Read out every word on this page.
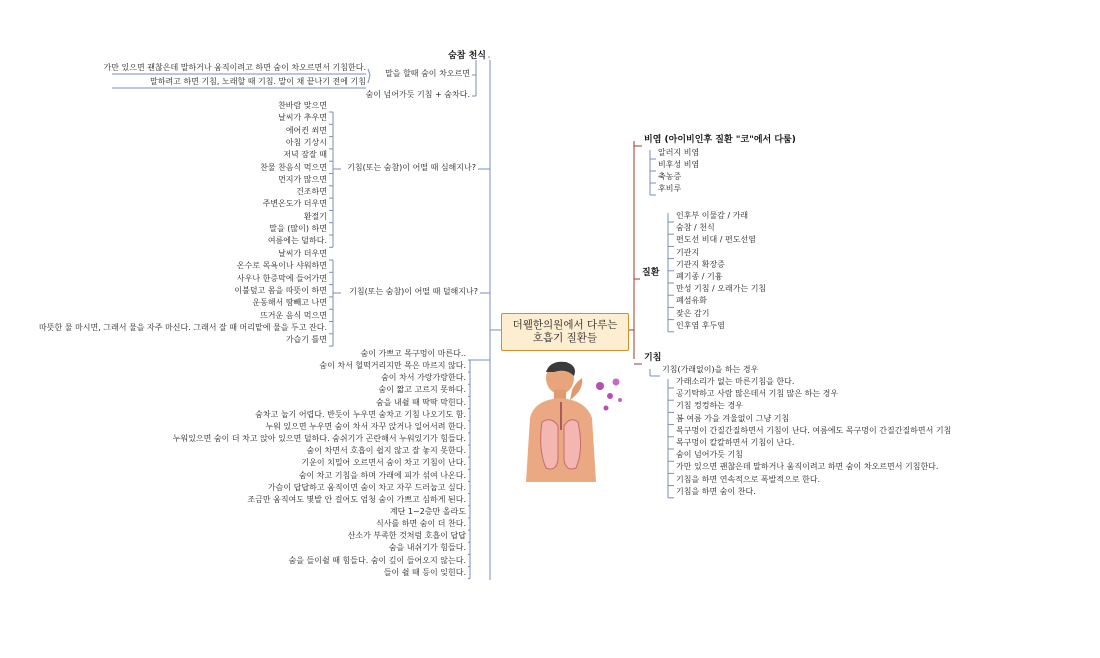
더웰한의원에서 다루는
호흡기 질환들
숨참 천식
말을 할때 숨이 차오르면
가만 있으면 괜찮은데 말하거나 움직이려고 하면 숨이 차오르면서 기침한다.
말하려고 하면 기침, 노래할 때 기침. 말이 채 끝나기 전에 기침
숨이 넘어가듯 기침 + 숨차다.
기침(또는 숨참)이 어떨 때 심해지나?
찬바람 맞으면
날씨가 추우면
에어컨 쐬면
아침 기상시
저녁 잠잘 때
찬물 찬음식 먹으면
먼지가 많으면
건조하면
주변온도가 더우면
환절기
말을 (많이) 하면
여름에는 덜하다.
기침(또는 숨참)이 어떨 때 덜해지나?
날씨가 더우면
온수로 목욕이나 샤워하면
사우나 한증막에 들어가면
이불덮고 몸을 따뜻이 하면
운동해서 땀빼고 나면
뜨거운 음식 먹으면
따뜻한 물 마시면, 그래서 물을 자주 마신다. 그래서 잘 때 머리맡에 물을 두고 잔다.
가습기 틀면
숨이 가쁘고 목구멍이 마른다..
숨이 차서 헐떡거리지만 목은 마르지 않다.
숨이 차서 가랑가랑한다.
숨이 짧고 고르지 못하다.
숨을 내쉴 때 딱딱 막힌다.
숨차고 눕기 어렵다. 반듯이 누우면 숨차고 기침 나오기도 함.
누워 있으면 누우면 숨이 차서 자꾸 앉거나 일어서려 한다.
누워있으면 숨이 더 차고 앉아 있으면 덜하다. 숨쉬기가 곤란해서 누워있기가 힘들다.
숨이 차면서 호흡이 쉽지 않고 잘 놓지 못한다.
기운이 치밀어 오르면서 숨이 차고 기침이 난다.
숨이 차고 기침을 하며 가래에 피가 섞여 나온다.
가슴이 답답하고 움직이면 숨이 차고 자꾸 드러눕고 싶다.
조금만 움직여도 몇발 안 걸어도 엄청 숨이 가쁘고 심하게 된다.
계단 1~2층만 올라도
식사를 하면 숨이 더 찬다.
산소가 부족한 것처럼 호흡이 답답
숨을 내쉬기가 힘들다.
숨을 들이쉴 때 힘들다. 숨이 깊이 들어오지 않는다.
들이 쉴 때 등이 잊힌다.
비염 (아이비인후 질환 "코"에서 다룸)
알러지 비염
비후성 비염
축농증
후비루
질환
인후부 이물감 / 가래
숨참 / 천식
편도선 비대 / 편도선염
기관지
기관지 확장증
폐기종 / 기흉
만성 기침 / 오래가는 기침
폐섬유화
잦은 감기
인후염 후두염
기침
기침(가래없이)을 하는 경우
가래소리가 없는 마른기침을 한다.
공기탁하고 사람 많은데서 기침 많은 하는 경우
기침 컹컹하는 경우
봄 여름 가을 겨울없이 그냥 기침
목구멍이 간질간질하면서 기침이 난다. 여름에도 목구멍이 간질간질하면서 기침
목구멍이 칼칼하면서 기침이 난다.
숨이 넘어가듯 기침
가만 있으면 괜찮은데 말하거나 움직이려고 하면 숨이 차오르면서 기침한다.
기침을 하면 연속적으로 폭발적으로 한다.
기침을 하면 숨이 찬다.
